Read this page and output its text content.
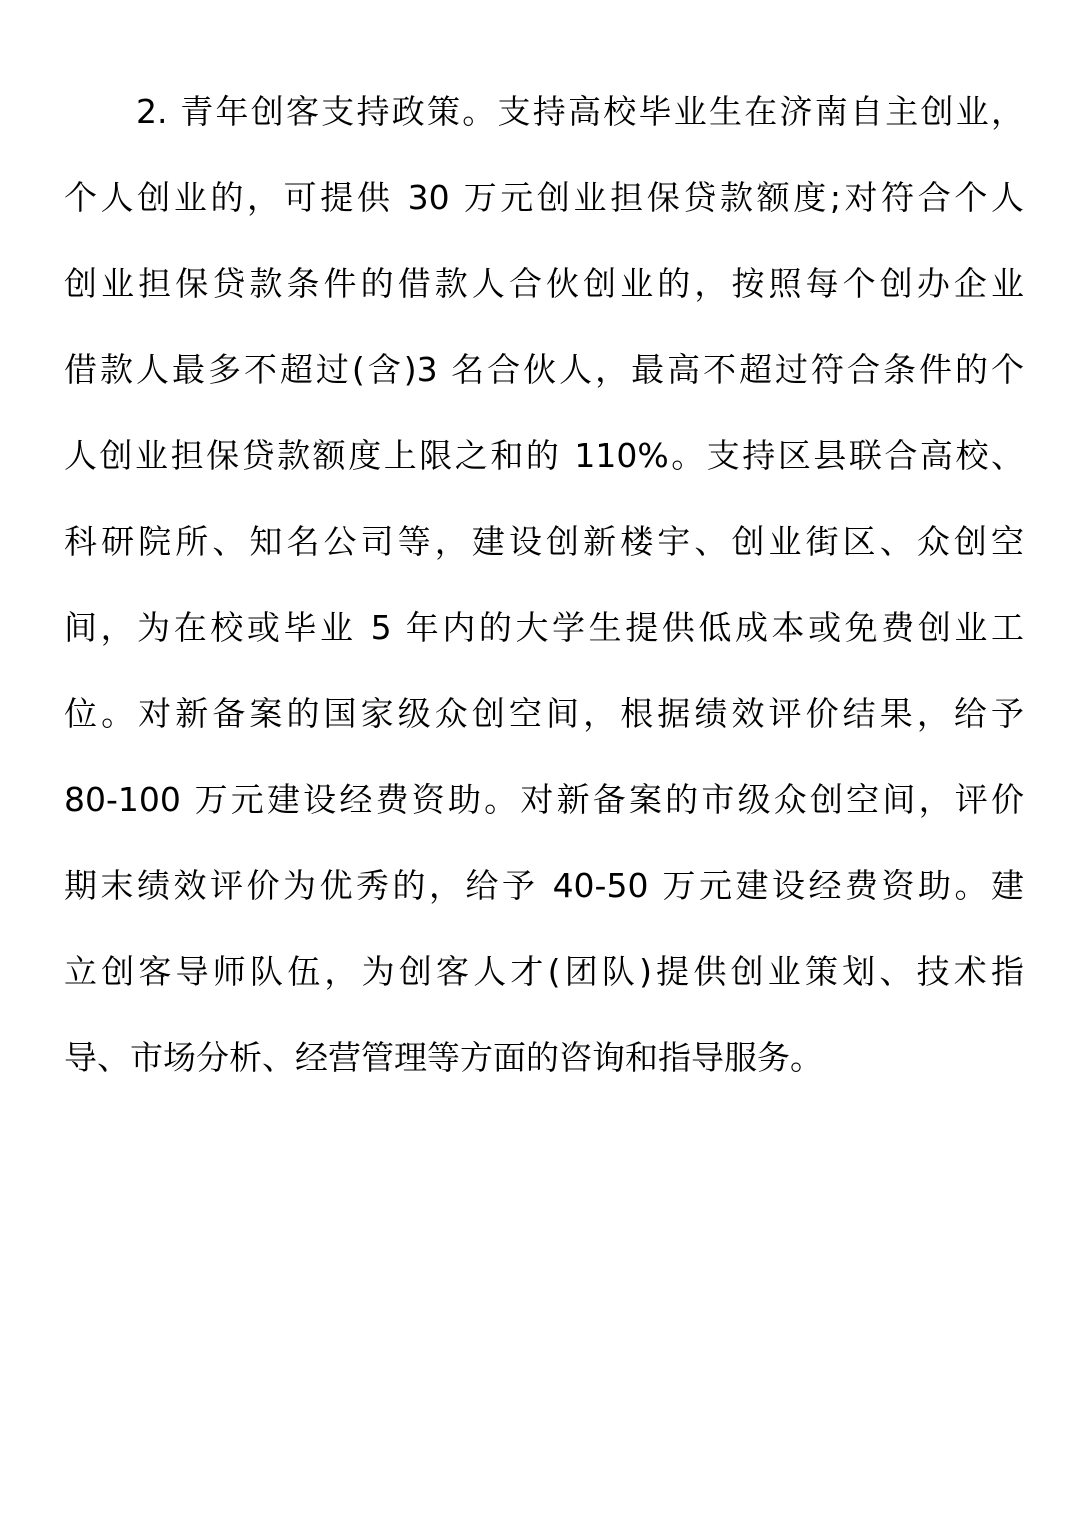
2. 青年创客支持政策。支持高校毕业生在济南自主创业，
个人创业的，可提供 30 万元创业担保贷款额度;对符合个人
创业担保贷款条件的借款人合伙创业的，按照每个创办企业
借款人最多不超过(含)3 名合伙人，最高不超过符合条件的个
人创业担保贷款额度上限之和的 110%。支持区县联合高校、
科研院所、知名公司等，建设创新楼宇、创业街区、众创空
间，为在校或毕业 5 年内的大学生提供低成本或免费创业工
位。对新备案的国家级众创空间，根据绩效评价结果，给予
80-100 万元建设经费资助。对新备案的市级众创空间，评价
期末绩效评价为优秀的，给予 40-50 万元建设经费资助。建
立创客导师队伍，为创客人才(团队)提供创业策划、技术指
导、市场分析、经营管理等方面的咨询和指导服务。
